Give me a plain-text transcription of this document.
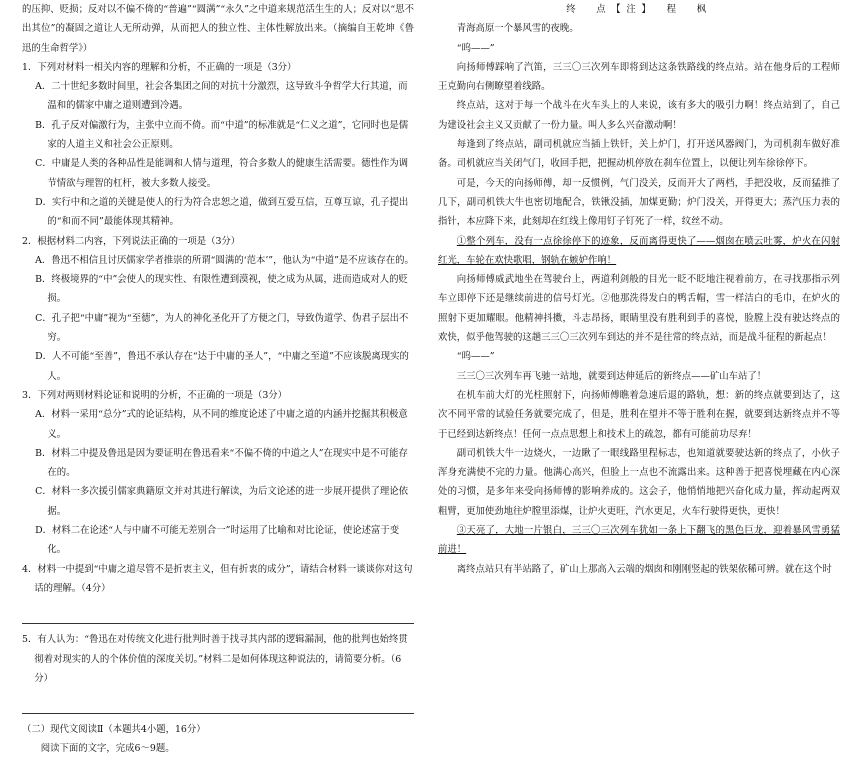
的压抑、贬损；反对以不偏不倚的“普遍”“圆满”“永久”之中道来规范活生生的人；反对以“思不出其位”的凝固之道让人无所动弹，从而把人的独立性、主体性解放出来。（摘编自王乾坤《鲁迅的生命哲学》）

1．下列对材料一相关内容的理解和分析，不正确的一项是（3分）

A．二十世纪多数时间里，社会各集团之间的对抗十分激烈，这导致斗争哲学大行其道，而温和的儒家中庸之道则遭到冷遇。

B．孔子反对偏激行为，主张中立而不倚。而“中道”的标准就是“仁义之道”，它同时也是儒家的人道主义和社会公正原则。

C．中庸是人类的各种品性是能调和人情与道理，符合多数人的健康生活需要。德性作为调节情欲与理智的杠杆，被大多数人接受。

D．实行中和之道的关键是使人的行为符合忠恕之道，做到互爱互信，互尊互谅，孔子提出的“和而不同”最能体现其精神。

2．根据材料二内容，下列说法正确的一项是（3分）

A．鲁迅不相信且讨厌儒家学者推崇的所谓“圆满的‘范本’”，他认为“中道”是不应该存在的。

B．终极境界的“中”会使人的现实性、有限性遭到漠视，使之成为从属，进而造成对人的贬损。

C．孔子把“中庸”视为“至德”，为人的神化圣化开了方便之门，导致伪道学、伪君子层出不穷。

D．人不可能“至善”，鲁迅不承认存在“达于中庸的圣人”，“中庸之至道”不应该脱离现实的人。

3．下列对两则材料论证和说明的分析，不正确的一项是（3分）

A．材料一采用“总分”式的论证结构，从不同的维度论述了中庸之道的内涵并挖掘其积极意义。

B．材料二中提及鲁迅是因为要证明在鲁迅看来“不偏不倚的中道之人”在现实中是不可能存在的。

C．材料一多次援引儒家典籍原文并对其进行解读，为后文论述的进一步展开提供了理论依据。

D．材料二在论述“人与中庸不可能无差别合一”时运用了比喻和对比论证，使论述富于变化。

4．材料一中提到“中庸之道尽管不是折衷主义，但有折衷的成分”，请结合材料一谈谈你对这句话的理解。（4分）

5．有人认为：“鲁迅在对传统文化进行批判时善于找寻其内部的逻辑漏洞，他的批判也始终贯彻着对现实的人的个体价值的深度关切。”材料二是如何体现这种说法的，请简要分析。（6分）

（二）现代文阅读Ⅱ（本题共4小题，16分）

阅读下面的文字，完成6～9题。

终　点【注】　程　枫

青海高原一个暴风雪的夜晚。

“呜——”

向扬师傅踩响了汽笛，三三〇三次列车即将到达这条铁路线的终点站。站在他身后的工程师王克勤向右侧瞭望着线路。

终点站，这对于每一个战斗在火车头上的人来说，该有多大的吸引力啊！终点站到了，自己为建设社会主义又贡献了一份力量。叫人多么兴奋激动啊！

每逢到了终点站，副司机就应当插上铁钎，关上炉门，打开送风器阀门，为司机刹车做好准备。司机就应当关闭气门，收回手把，把握动机停放在刹车位置上，以便让列车徐徐停下。

可是，今天的向扬师傅，却一反惯例，气门没关，反而开大了两档，手把没收，反而猛推了几下，副司机铁大牛也密切地配合，铁锹没插，加煤更勤；炉门没关，开得更大；蒸汽压力表的指针，本应降下来，此刻却在红线上像用钉子钉死了一样，纹丝不动。

①整个列车，没有一点徐徐停下的迹象，反而离得更快了——烟囱在喷云吐雾，炉火在闪射红光，车轮在欢快歌唱，钢轨在嫉妒作响！

向扬师傅威武地坐在驾驶台上，两道利剑般的目光一眨不眨地注视着前方，在寻找那指示列车立即停下还是继续前进的信号灯光。②他那洗得发白的鸭舌帽，雪一样洁白的毛巾，在炉火的照射下更加耀眼。他精神抖擞，斗志昂扬，眼睛里没有胜利到手的喜悦，脸膛上没有驶达终点的欢快，似乎他驾驶的这趟三三〇三次列车到达的并不是往常的终点站，而是战斗征程的新起点！

“呜——”

三三〇三次列车再飞驰一站地，就要到达伸延后的新终点——矿山车站了！

在机车前大灯的光柱照射下，向扬师傅瞧着急速后退的路轨，想：新的终点就要到达了，这次不同平常的试验任务就要完成了，但是，胜利在望并不等于胜利在握，就要到达新终点并不等于已经到达新终点！任何一点点思想上和技术上的疏忽，都有可能前功尽弃！

副司机铁大牛一边烧火，一边瞅了一眼线路里程标志，也知道就要驶达新的终点了，小伙子浑身充满使不完的力量。他满心高兴，但脸上一点也不流露出来。这种善于把喜悦埋藏在内心深处的习惯，是多年来受向扬师傅的影响养成的。这会子，他悄悄地把兴奋化成力量，挥动起两双粗臂，更加使劲地往炉膛里添煤，让炉火更旺，汽水更足，火车行驶得更快，更快！

③天亮了，大地一片银白，三三〇三次列车犹如一条上下翻飞的黑色巨龙，迎着暴风雪勇猛前进！

离终点站只有半站路了，矿山上那高入云端的烟囱和刚刚竖起的铁架依稀可辨。就在这个时
